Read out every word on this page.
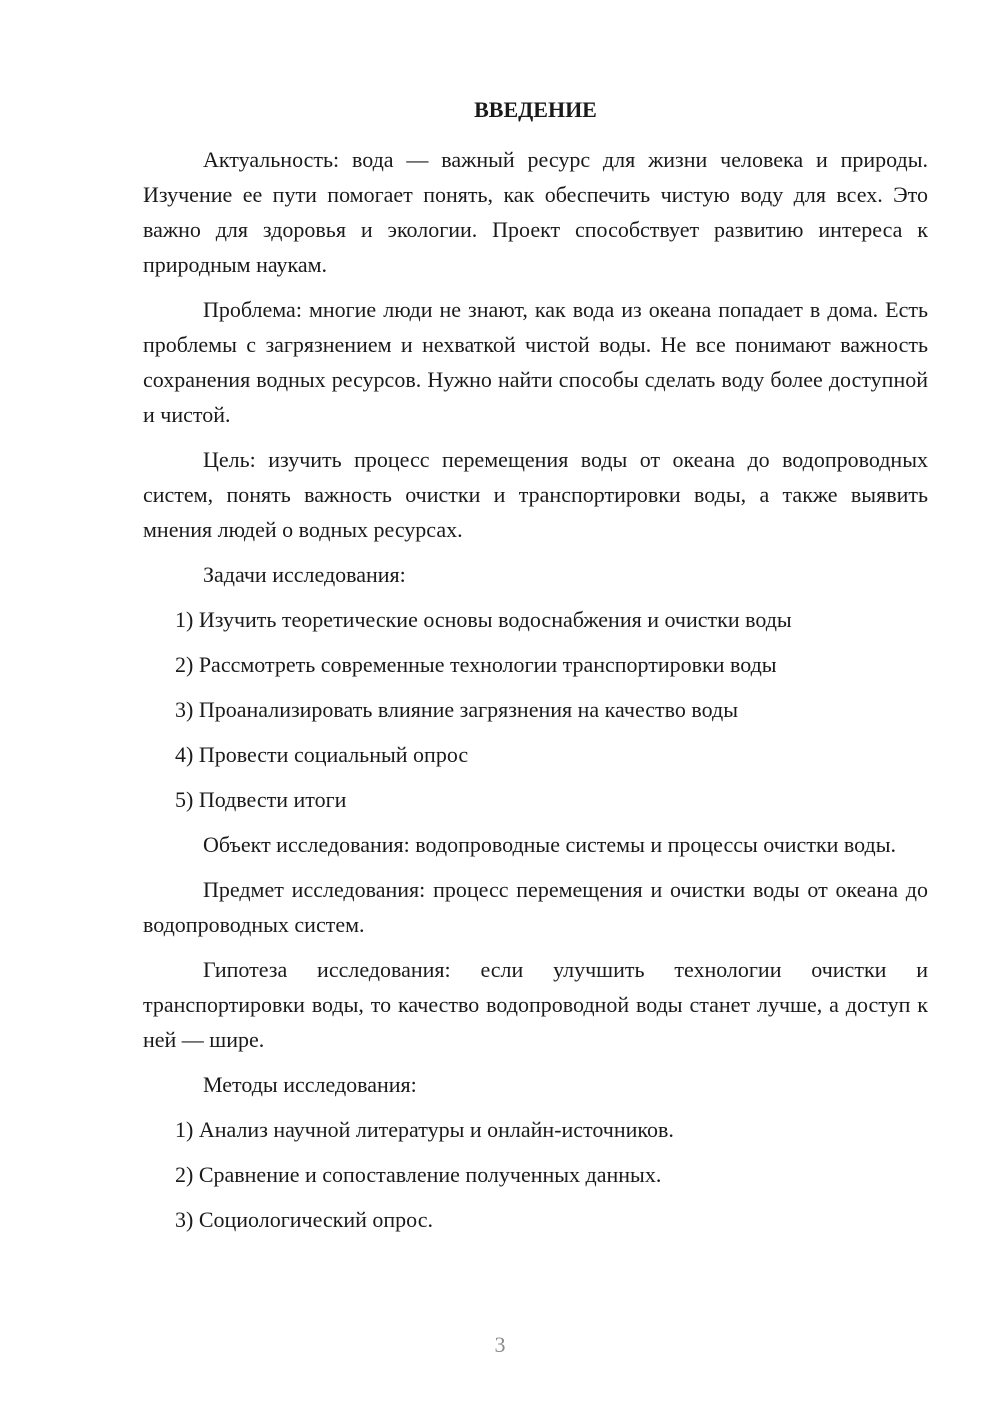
ВВЕДЕНИЕ

Актуальность: вода — важный ресурс для жизни человека и природы. Изучение ее пути помогает понять, как обеспечить чистую воду для всех. Это важно для здоровья и экологии. Проект способствует развитию интереса к природным наукам.

Проблема: многие люди не знают, как вода из океана попадает в дома. Есть проблемы с загрязнением и нехваткой чистой воды. Не все понимают важность сохранения водных ресурсов. Нужно найти способы сделать воду более доступной и чистой.

Цель: изучить процесс перемещения воды от океана до водопроводных систем, понять важность очистки и транспортировки воды, а также выявить мнения людей о водных ресурсах.

Задачи исследования:

1) Изучить теоретические основы водоснабжения и очистки воды
2) Рассмотреть современные технологии транспортировки воды
3) Проанализировать влияние загрязнения на качество воды
4) Провести социальный опрос
5) Подвести итоги

Объект исследования: водопроводные системы и процессы очистки воды.

Предмет исследования: процесс перемещения и очистки воды от океана до водопроводных систем.

Гипотеза исследования: если улучшить технологии очистки и транспортировки воды, то качество водопроводной воды станет лучше, а доступ к ней — шире.

Методы исследования:

1) Анализ научной литературы и онлайн-источников.
2) Сравнение и сопоставление полученных данных.
3) Социологический опрос.
3
